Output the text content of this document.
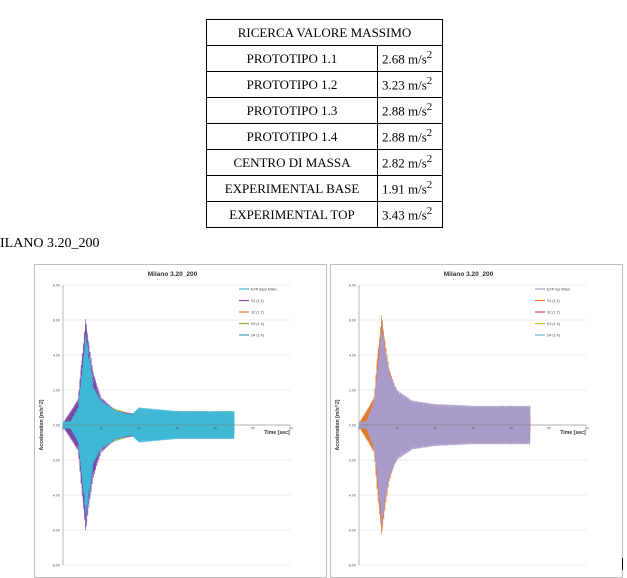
RICERCA VALORE MASSIMO	
PROTOTIPO 1.1	2.68 $m/s^2$
PROTOTIPO 1.2	3.23 $m/s^2$
PROTOTIPO 1.3	2.88 $m/s^2$
PROTOTIPO 1.4	2.88 $m/s^2$
CENTRO DI MASSA	2.82 $m/s^2$
EXPERIMENTAL BASE	1.91 $m/s^2$
EXPERIMENTAL TOP	3.43 $m/s^2$
ILANO 3.20_200
Milano 3.20_200
8.00
6.00
4.00
2.00
0.00
-2.00
-4.00
-6.00
-8.00
Acceleration [m/s^2]	0	10	20	30	40	50	60
Time [sec]
EXP base Milan
S1 (1.1)
S2 (1.2)
S3 (1.3)
S4 (1.4)
Milano 3.20_200
8.00
6.00
4.00
2.00
0.00
-2.00
-4.00
-6.00
-8.00
Acceleration [m/s^2]	0	10	20	30	40	50	60
Time [sec]
EXP top Milan
S1 (1.1)
S2 (1.2)
S3 (1.3)
S4 (1.4)
